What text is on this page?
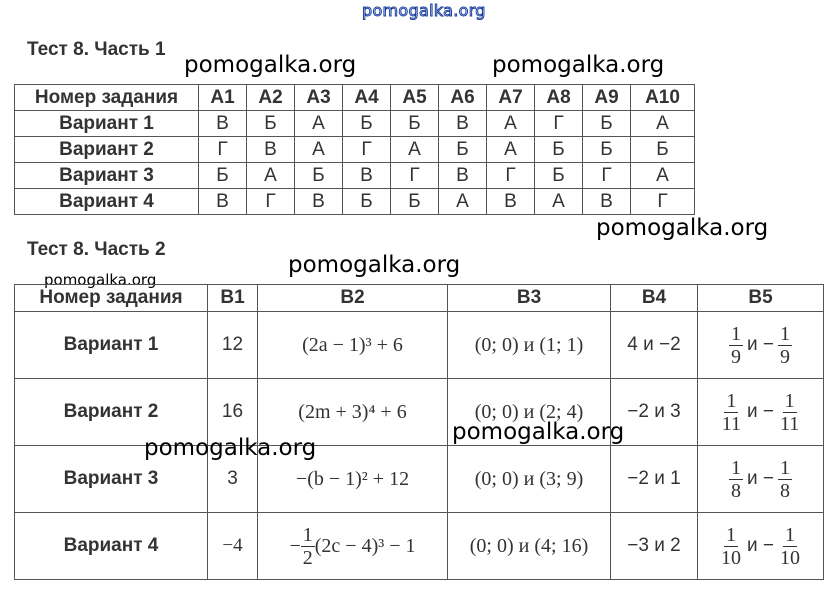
pomogalka.org
Тест 8. Часть 1
pomogalka.org	pomogalka.org
Номер задания	А1	А2	А3	А4	А5	А6	А7	А8	А9	А10
Вариант 1	В	Б	А	Б	Б	В	А	Г	Б	А
Вариант 2	Г	В	А	Г	А	Б	А	Б	Б	Б
Вариант 3	Б	А	Б	В	Г	В	Г	Б	Г	А
Вариант 4	В	Г	В	Б	Б	А	В	А	В	Г
Тест 8. Часть 2
pomogalka.org
pomogalka.org
pomogalka.org
Номер задания	В1	В2	В3	В4	В5
Вариант 1	12	(2a − 1)³ + 6	(0; 0) и (1; 1)	4 и −2	$\frac{1}{9}$ $и - \frac{1}{9}$

Вариант 2	16	(2m + 3)⁴ + 6	(0; 0) и (2; 4)	−2 и 3	$\frac{1}{11}$ $и - \frac{1}{11}$

Вариант 3	3	−(b − 1)² + 12	(0; 0) и (3; 9)	−2 и 1	$\frac{1}{8}$ $и - \frac{1}{8}$

Вариант 4	−4	− $\frac{1}{2} (2c - 4)^3 - 1$	(0; 0) и (4; 16)	−3 и 2	$\frac{1}{10}$ $и - \frac{1}{10}$
pomogalka.org
pomogalka.org
